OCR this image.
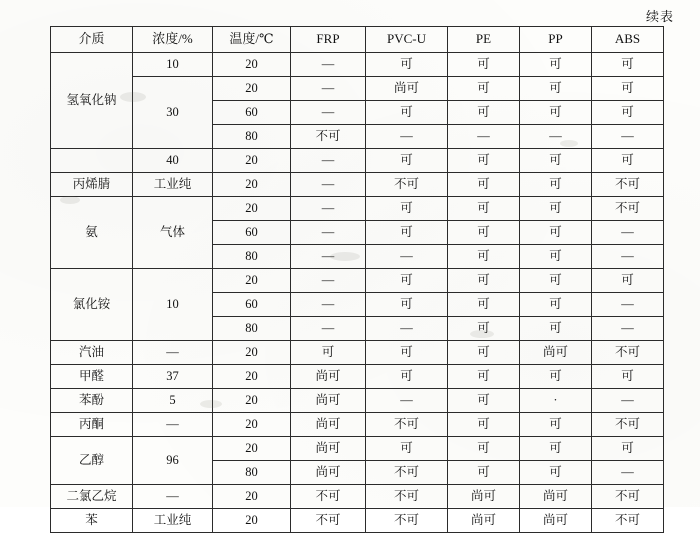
续表
介质	浓度/%	温度/℃	FRP	PVC-U	PE	PP	ABS
氢氧化钠	10	20	—	可	可	可	可
	30	20	—	尚可	可	可	可
		60	—	可	可	可	可
		80	不可	—	—	—	—
	40	20	—	可	可	可	可
丙烯腈	工业纯	20	—	不可	可	可	不可
氨	气体	20	—	可	可	可	不可
		60	—	可	可	可	—
		80	—	—	可	可	—
氯化铵	10	20	—	可	可	可	可
		60	—	可	可	可	—
		80	—	—	可	可	—
汽油	—	20	可	可	可	尚可	不可
甲醛	37	20	尚可	可	可	可	可
苯酚	5	20	尚可	—	可	·	—
丙酮	—	20	尚可	不可	可	可	不可
乙醇	96	20	尚可	可	可	可	可
		80	尚可	不可	可	可	—
二氯乙烷	—	20	不可	不可	尚可	尚可	不可
苯	工业纯	20	不可	不可	尚可	尚可	不可
